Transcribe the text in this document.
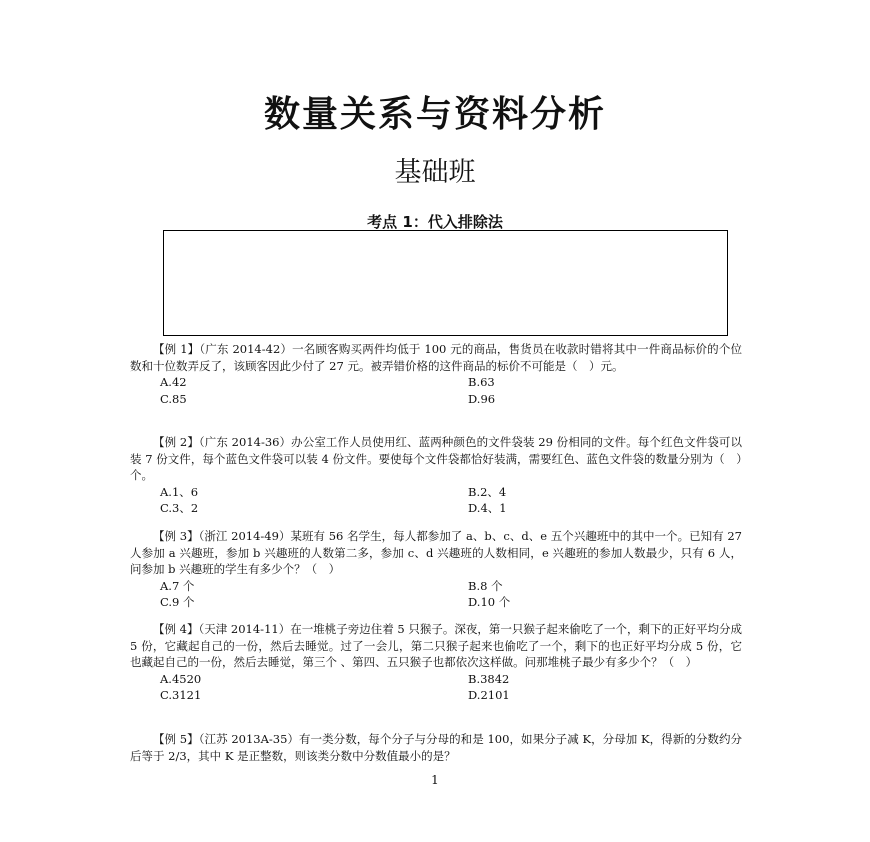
数量关系与资料分析
基础班
考点 1：代入排除法
【例 1】（广东 2014-42）一名顾客购买两件均低于 100 元的商品，售货员在收款时错将其中一件商品标价的个位数和十位数弄反了，该顾客因此少付了 27 元。被弄错价格的这件商品的标价不可能是（　）元。
A.42	B.63
C.85	D.96
【例 2】（广东 2014-36）办公室工作人员使用红、蓝两种颜色的文件袋装 29 份相同的文件。每个红色文件袋可以装 7 份文件，每个蓝色文件袋可以装 4 份文件。要使每个文件袋都恰好装满，需要红色、蓝色文件袋的数量分别为（　）个。
A.1、6	B.2、4
C.3、2	D.4、1
【例 3】（浙江 2014-49）某班有 56 名学生，每人都参加了 a、b、c、d、e 五个兴趣班中的其中一个。已知有 27 人参加 a 兴趣班，参加 b 兴趣班的人数第二多，参加 c、d 兴趣班的人数相同，e 兴趣班的参加人数最少，只有 6 人，问参加 b 兴趣班的学生有多少个？（　）
A.7 个	B.8 个
C.9 个	D.10 个
【例 4】（天津 2014-11）在一堆桃子旁边住着 5 只猴子。深夜，第一只猴子起来偷吃了一个，剩下的正好平均分成 5 份，它藏起自己的一份，然后去睡觉。过了一会儿，第二只猴子起来也偷吃了一个，剩下的也正好平均分成 5 份，它也藏起自己的一份，然后去睡觉，第三个 、第四、五只猴子也都依次这样做。问那堆桃子最少有多少个？（　）
A.4520	B.3842
C.3121	D.2101
【例 5】（江苏 2013A-35）有一类分数，每个分子与分母的和是 100，如果分子减 K，分母加 K，得新的分数约分后等于 2/3，其中 K 是正整数，则该类分数中分数值最小的是？
1
